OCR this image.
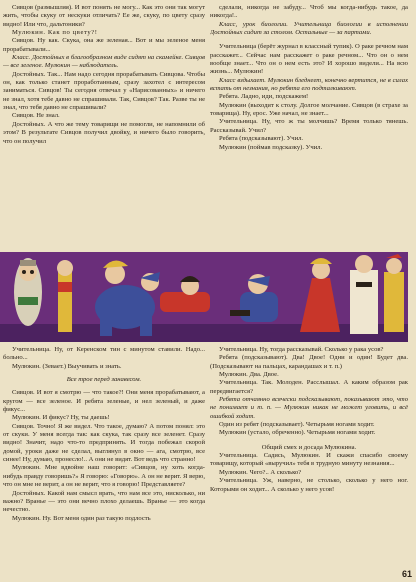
Сивцов (размышляя). И вот понять не могу... Как это они так могут жить, чтобы скуку от нескуки отличать? Ее же, скуку, по цвету сразу видно! Или что, дальтоники?

Мулюкин. Как по цвету?!

Сивцов. Ну как. Скука, она же зеленая... Вот и мы зеленое меня прорабатывали...

Класс. Достойных в благообразном виде сидят на скамейке. Сивцов — все зеленое. Мулюкин — наблюдатель.

Достойных. Так... Нам надо сегодня прорабатывать Сивцова. Чтобы он, как только станет проработанным, сразу захотел с интересом заниматься. Сивцов! Ты сегодня отвечал у «Нарисованных» и ничего не знал, хотя тебе давно не спрашивали. Так, Сивцов? Так. Разве ты не знал, что тебя давно не спрашивали?

Сивцов. Не знал.

Достойных. А что же тему товарищи не помогли, не напомнили об этом? В результате Сивцов получил двойку, и ничего было говорить, что он получил

сделали, никогда не забуду... Чтоб мы когда-нибудь такое, да никогда!..

Класс, урок биологии. Учительница биологии в исполнении Достойных сидит за столом. Остальные — за партами.

Учительница (берёт журнал в классный тупик). О раке речном нам расскажет... Сейчас нам расскажет о раке речном... Что он о нем вообще знает... Что он о нем есть это? И хорошо видели... На всю жизнь... Мулюкин!

Класс вздыхает. Мулюкин бледнеет, конечно вертится, не в силах встать от незнания, но ребята его подталкивают.

Ребята. Ладно, иди, подскажем!

Мулюкин (выходит к столу. Долгое молчание. Сивцов (в страхе за товарища). Ну, ерос. Уже начал, не знает...

Учительница. Ну, что ж ты молчишь? Время только тянешь. Рассказывай. Учил?

Ребята (подсказывают). Учил.

Мулюкин (поймав подсказку). Учил.

Учительница. Ну, от Керенском тин с минутом ставили. Надо... больно...

Мулюкин. (Зевает.) Выучивать и знать.

Все трое перед занавесом.

Сивцов. И вот я смотрю — что такое?! Они меня прорабатывают, а кругом — все зеленое. И ребята зеленые, и нел зеленый, и даже фикус...

Мулюкин. И фикус? Ну, ты даешь!

Сивцов. Точно! Я же видел. Что такое, думаю? А потом понял: это от скуки. У меня всегда так: как скука, так сразу все зеленет. Сразу видно! Значит, надо что-то предпринять. И тогда побежал скорой домой, уроки даже не сделал, выглянул в окно — ага, смотрю, все синее! Ну, думаю, пронесло!.. А они не видят. Вот ведь что странно!

Мулюкин. Мне вдвойне наш говорит: «Сивцов, ну хоть когда-нибудь правду говоришь?» Я говорю: «Говорю». А он не верит. Я верю, что он мне не верит, а он не верит, что я говорю! Представляете?

Достойных. Какой нам смысл врать, что нам все это, нисколько, ни важно? Вранье — это они вечно плохо делаешь. Вранье — это когда нечестно.

Мулюкин. Ну. Вот меня один раз такую подлость

Учительница. Ну, тогда рассказывай. Сколько у рака усов?

Ребята (подсказывают). Два! Двое! Одни и один! Будет два. (Подсказывают на пальцах, карандашах и т. п.)

Мулюкин. Два. Двое.

Учительница. Так. Молоден. Расслышал. А каким образом рак передвигается?

Ребята отчаянно всячески подсказывают, показывают это, что не понимает и т. п. — Мулюкин никак не может уловить, и всё ошибкой ходит.

Один из ребят (подсказывает). Четырьмя ногами ходит.

Мулюкин (устало, обреченно). Четырьмя ногами ходит.

Общий смех и досада Мулюкина.

Учительница. Садись, Мулюкин. И скажи спасибо своему товарищу, который «выручил» тебя в трудную минуту незнания...

Мулюкин. Чего?.. А сколько?

Учительница. Уж, наверно, не столько, сколько у него ног. Которыми он ходит... А сколько у него усов!

61
